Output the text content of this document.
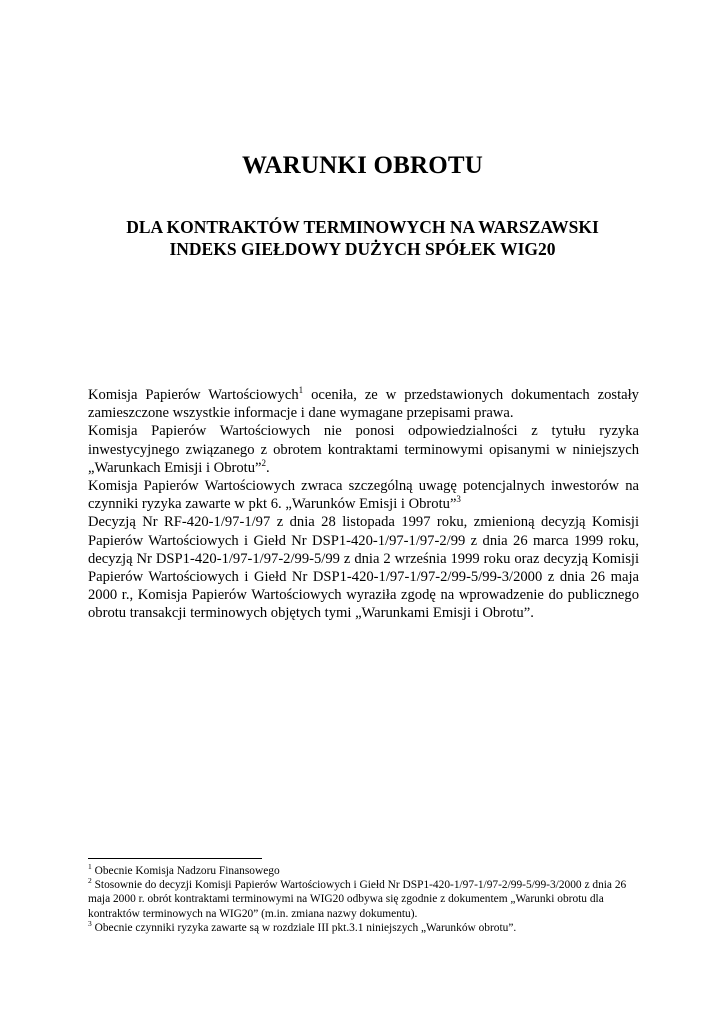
WARUNKI OBROTU
DLA KONTRAKTÓW TERMINOWYCH NA WARSZAWSKI
INDEKS GIEŁDOWY DUŻYCH SPÓŁEK WIG20

Komisja Papierów Wartościowych$^1$ oceniła, ze w przedstawionych dokumentach zostały zamieszczone wszystkie informacje i dane wymagane przepisami prawa.

Komisja Papierów Wartościowych nie ponosi odpowiedzialności z tytułu ryzyka inwestycyjnego związanego z obrotem kontraktami terminowymi opisanymi w niniejszych „Warunkach Emisji i Obrotu”$^2$.

Komisja Papierów Wartościowych zwraca szczególną uwagę potencjalnych inwestorów na czynniki ryzyka zawarte w pkt 6. „Warunków Emisji i Obrotu”$^3$

Decyzją Nr RF-420-1/97-1/97 z dnia 28 listopada 1997 roku, zmienioną decyzją Komisji Papierów Wartościowych i Giełd Nr DSP1-420-1/97-1/97-2/99 z dnia 26 marca 1999 roku, decyzją Nr DSP1-420-1/97-1/97-2/99-5/99 z dnia 2 września 1999 roku oraz decyzją Komisji Papierów Wartościowych i Giełd Nr DSP1-420-1/97-1/97-2/99-5/99-3/2000 z dnia 26 maja 2000 r., Komisja Papierów Wartościowych wyraziła zgodę na wprowadzenie do publicznego obrotu transakcji terminowych objętych tymi „Warunkami Emisji i Obrotu”.

$^1$ Obecnie Komisja Nadzoru Finansowego

$^2$ Stosownie do decyzji Komisji Papierów Wartościowych i Giełd Nr DSP1-420-1/97-1/97-2/99-5/99-3/2000 z dnia 26 maja 2000 r. obrót kontraktami terminowymi na WIG20 odbywa się zgodnie z dokumentem „Warunki obrotu dla kontraktów terminowych na WIG20” (m.in. zmiana nazwy dokumentu).

$^3$ Obecnie czynniki ryzyka zawarte są w rozdziale III pkt.3.1 niniejszych „Warunków obrotu”.
